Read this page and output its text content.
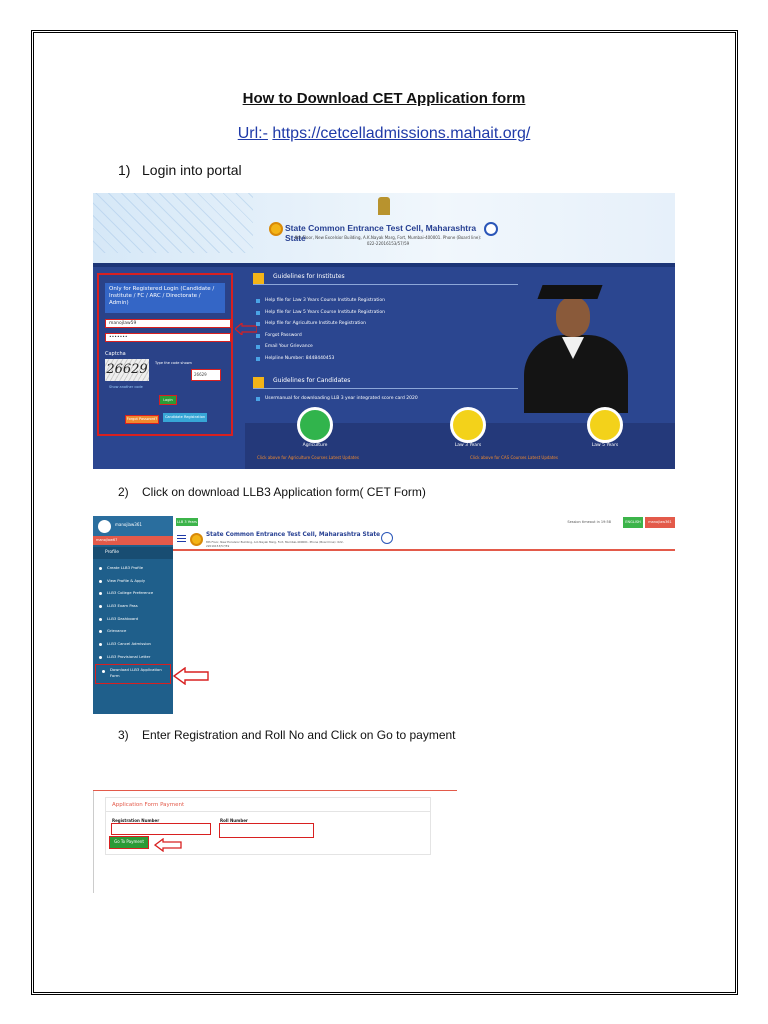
How to Download CET Application form
Url:- https://cetcelladmissions.mahait.org/
1) Login into portal
State Common Entrance Test Cell, Maharashtra State
8th Floor, New Excelsior Building, A.K.Nayak Marg, Fort, Mumbai-400001. Phone (Board line): 022-22016153/57/59
Only for Registered Login (Candidate / Institute / FC / ARC / Directorate / Admin)
manojlaw59
•••••••
Captcha
26629	Type the code shown
26629
Show another code
Login
Forgot Password?	Candidate Registration
Guidelines for Institutes
Help file for Law 3 Years Course Institute Registration
Help file for Law 5 Years Course Institute Registration
Help file for Agriculture Institute Registration
Forgot Password
Email Your Grievance
Helpline Number: 8448440453
Guidelines for Candidates
Usermanual for downloading LLB 3 year integrated score card 2020
Agriculture	Law 3 Years	Law 5 Years
Click above for Agriculture Courses Latest Updates	Click above for CAS Courses Latest Updates
2) Click on download LLB3 Application form( CET Form)
manojlaw361
manojlaw67
Profile
Create LLB3 Profile
View Profile & Apply
LLB3 College Preference
LLB3 Exam Pass
LLB3 Dashboard
Grievance
LLB3 Cancel Admission
LLB3 Provisional Letter
Download LLB3 Application Form
LLB 3 Years	Session timeout in 19:58	ENGLISH	manojlaw361
State Common Entrance Test Cell, Maharashtra State
8th Floor, New Excelsior Building, A.K.Nayak Marg, Fort, Mumbai-400001. Phone (Board line): 022-22016153/57/59
3) Enter Registration and Roll No and Click on Go to payment
Application Form Payment
Registration Number	Roll Number
Go To Payment
